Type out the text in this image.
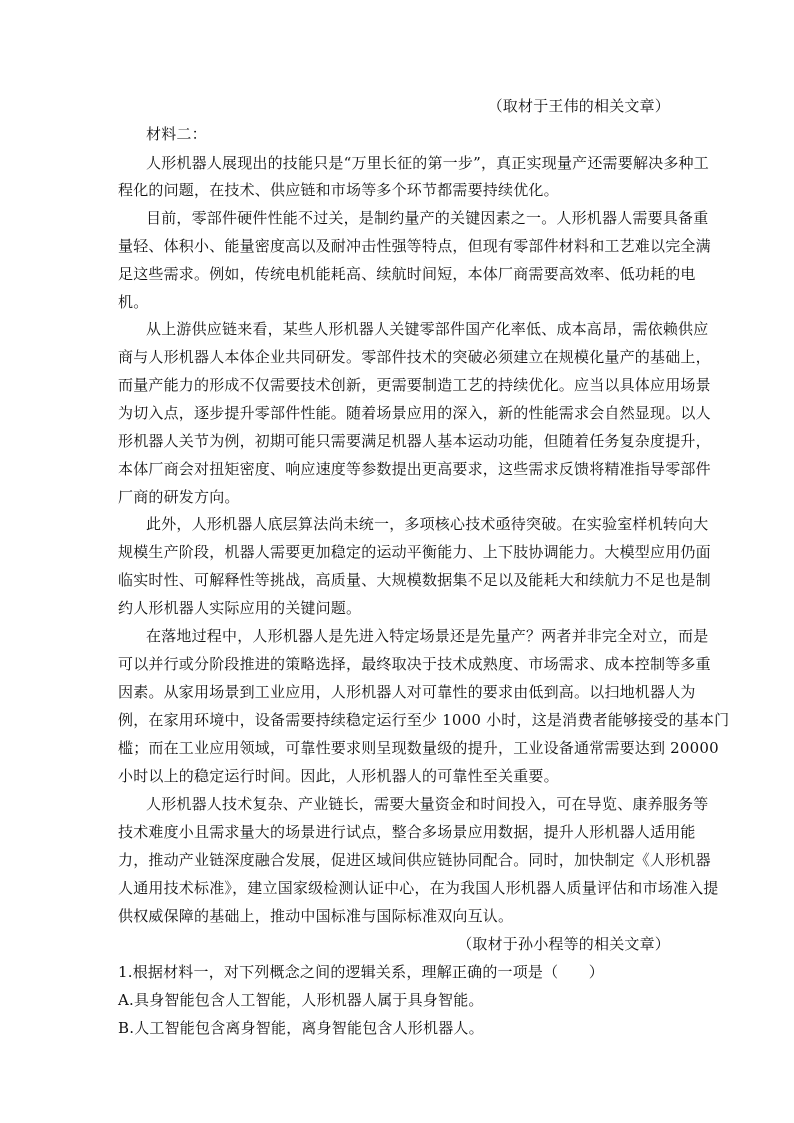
（取材于王伟的相关文章）
材料二：
人形机器人展现出的技能只是“万里长征的第一步”，真正实现量产还需要解决多种工
程化的问题，在技术、供应链和市场等多个环节都需要持续优化。
目前，零部件硬件性能不过关，是制约量产的关键因素之一。人形机器人需要具备重
量轻、体积小、能量密度高以及耐冲击性强等特点，但现有零部件材料和工艺难以完全满
足这些需求。例如，传统电机能耗高、续航时间短，本体厂商需要高效率、低功耗的电
机。
从上游供应链来看，某些人形机器人关键零部件国产化率低、成本高昂，需依赖供应
商与人形机器人本体企业共同研发。零部件技术的突破必须建立在规模化量产的基础上，
而量产能力的形成不仅需要技术创新，更需要制造工艺的持续优化。应当以具体应用场景
为切入点，逐步提升零部件性能。随着场景应用的深入，新的性能需求会自然显现。以人
形机器人关节为例，初期可能只需要满足机器人基本运动功能，但随着任务复杂度提升，
本体厂商会对扭矩密度、响应速度等参数提出更高要求，这些需求反馈将精准指导零部件
厂商的研发方向。
此外，人形机器人底层算法尚未统一，多项核心技术亟待突破。在实验室样机转向大
规模生产阶段，机器人需要更加稳定的运动平衡能力、上下肢协调能力。大模型应用仍面
临实时性、可解释性等挑战，高质量、大规模数据集不足以及能耗大和续航力不足也是制
约人形机器人实际应用的关键问题。
在落地过程中，人形机器人是先进入特定场景还是先量产？两者并非完全对立，而是
可以并行或分阶段推进的策略选择，最终取决于技术成熟度、市场需求、成本控制等多重
因素。从家用场景到工业应用，人形机器人对可靠性的要求由低到高。以扫地机器人为
例，在家用环境中，设备需要持续稳定运行至少 1000 小时，这是消费者能够接受的基本门
槛；而在工业应用领域，可靠性要求则呈现数量级的提升，工业设备通常需要达到 20000
小时以上的稳定运行时间。因此，人形机器人的可靠性至关重要。
人形机器人技术复杂、产业链长，需要大量资金和时间投入，可在导览、康养服务等
技术难度小且需求量大的场景进行试点，整合多场景应用数据，提升人形机器人适用能
力，推动产业链深度融合发展，促进区域间供应链协同配合。同时，加快制定《人形机器
人通用技术标准》，建立国家级检测认证中心，在为我国人形机器人质量评估和市场准入提
供权威保障的基础上，推动中国标准与国际标准双向互认。
（取材于孙小程等的相关文章）
1.根据材料一，对下列概念之间的逻辑关系，理解正确的一项是（　　）
A.具身智能包含人工智能，人形机器人属于具身智能。
B.人工智能包含离身智能，离身智能包含人形机器人。
